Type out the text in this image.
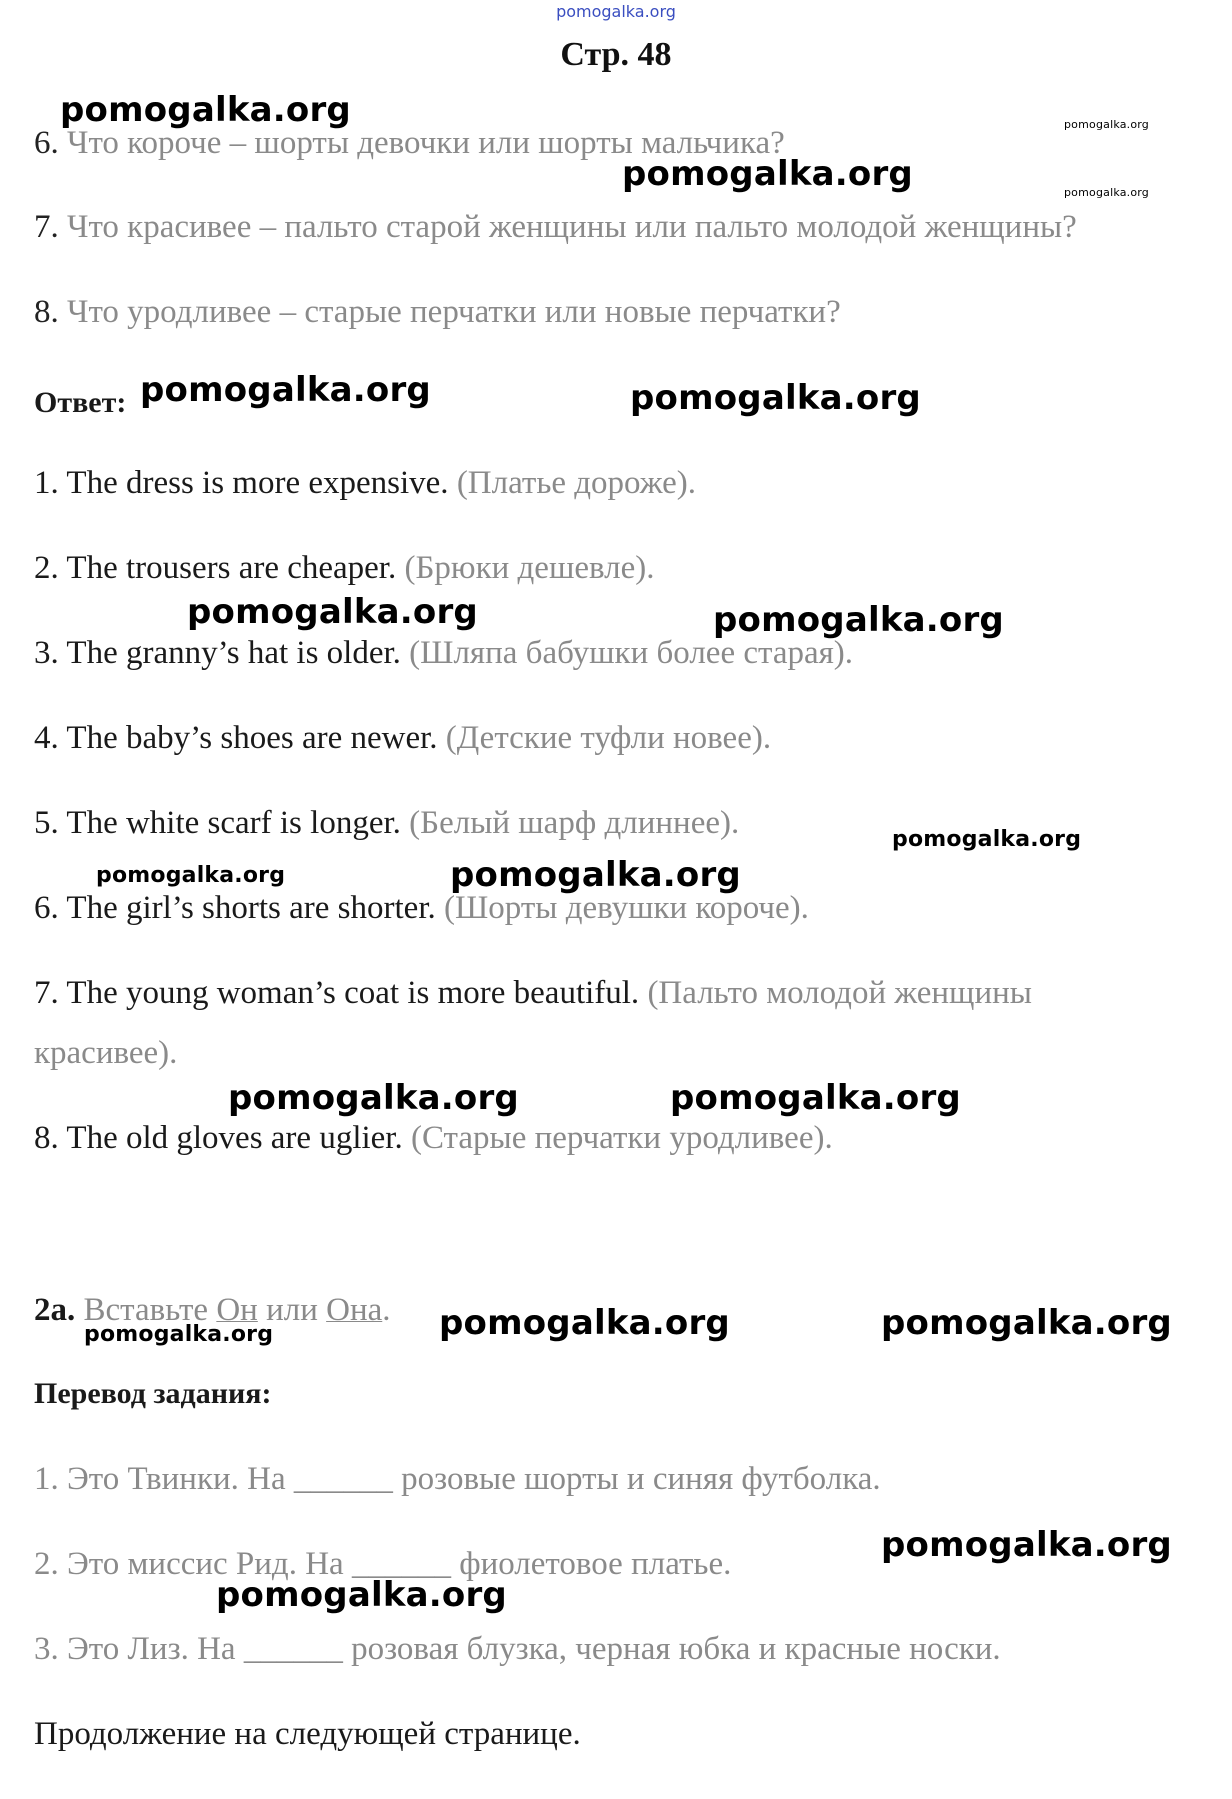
pomogalka.org
Стр. 48
6. Что короче – шорты девочки или шорты мальчика?
7. Что красивее – пальто старой женщины или пальто молодой женщины?
8. Что уродливее – старые перчатки или новые перчатки?
Ответ:
1. The dress is more expensive. (Платье дороже).
2. The trousers are cheaper. (Брюки дешевле).
3. The granny’s hat is older. (Шляпа бабушки более старая).
4. The baby’s shoes are newer. (Детские туфли новее).
5. The white scarf is longer. (Белый шарф длиннее).
6. The girl’s shorts are shorter. (Шорты девушки короче).
7. The young woman’s coat is more beautiful. (Пальто молодой женщины
красивее).
8. The old gloves are uglier. (Старые перчатки уродливее).
2a. Вставьте Он или Она.
Перевод задания:
1. Это Твинки. На ______ розовые шорты и синяя футболка.
2. Это миссис Рид. На ______ фиолетовое платье.
3. Это Лиз. На ______ розовая блузка, черная юбка и красные носки.
Продолжение на следующей странице.
pomogalka.org	pomogalka.org
pomogalka.org	pomogalka.org
pomogalka.org	pomogalka.org
pomogalka.org	pomogalka.org
pomogalka.org
pomogalka.org	pomogalka.org
pomogalka.org	pomogalka.org
pomogalka.org	pomogalka.org	pomogalka.org
pomogalka.org
pomogalka.org
